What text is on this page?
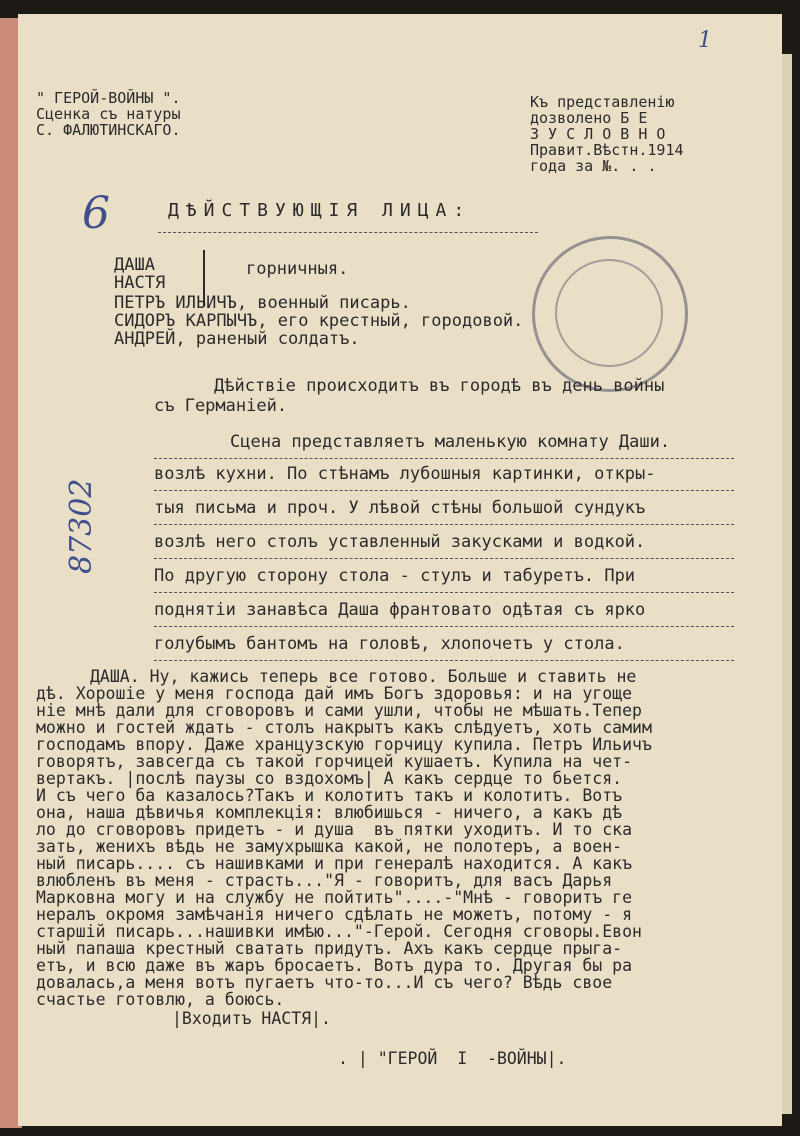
" ГЕРОЙ-ВОЙНЫ ".
Сценка съ натуры
С. ФАЛЮТИНСКАГО.
Къ представленiю
дозволено Б Е
З У С Л О В Н О
Правит.Вѣстн.1914
года за №. . .
1
6
87302
ДѢЙСТВУЮЩIЯ ЛИЦА:
ДАША
НАСТЯ
горничныя.
ПЕТРЪ ИЛЬИЧЪ, военный писарь.
СИДОРЪ КАРПЫЧЪ, его крестный, городовой.
АНДРЕЙ, раненый солдатъ.
Дѣйствiе происходитъ въ городѣ въ день войны
съ Германiей.
Сцена представляетъ маленькую комнату Даши.
возлѣ кухни. По стѣнамъ лубошныя картинки, откры-
тыя письма и проч. У лѣвой стѣны большой сундукъ
возлѣ него столъ уставленный закусками и водкой.
По другую сторону стола - стулъ и табуретъ. При
поднятiи занавѣса Даша франтовато одѣтая съ ярко
голубымъ бантомъ на головѣ, хлопочетъ у стола.
ДАША. Ну, кажись теперь все готово. Больше и ставить не
дѣ. Хорошiе у меня господа дай имъ Богъ здоровья: и на угоще
нiе мнѣ дали для сговоровъ и сами ушли, чтобы не мѣшать.Тепер
можно и гостей ждать - столъ накрытъ какъ слѣдуетъ, хоть самим
господамъ впору. Даже хранцузскую горчицу купила. Петръ Ильичъ
говорятъ, завсегда съ такой горчицей кушаетъ. Купила на чет-
вертакъ. |послѣ паузы со вздохомъ| А какъ сердце то бьется.
И съ чего ба казалось?Такъ и колотитъ такъ и колотитъ. Вотъ
она, наша дѣвичья комплекцiя: влюбишься - ничего, а какъ дѣ
ло до сговоровъ придетъ - и душа  въ пятки уходитъ. И то ска
зать, женихъ вѣдь не замухрышка какой, не полотеръ, а воен-
ный писарь.... съ нашивками и при генералѣ находится. А какъ
влюбленъ въ меня - страсть..."Я - говоритъ, для васъ Дарья
Марковна могу и на службу не пойтить"....-"Мнѣ - говоритъ ге
нералъ окромя замѣчанiя ничего сдѣлать не можетъ, потому - я
старшiй писарь...нашивки имѣю..."-Герой. Сегодня сговоры.Евон
ный папаша крестный сватать придутъ. Ахъ какъ сердце прыга-
етъ, и всю даже въ жаръ бросаетъ. Вотъ дура то. Другая бы ра
довалась,а меня вотъ пугаетъ что-то...И съ чего? Вѣдь свое
счастье готовлю, а боюсь.
|Входитъ НАСТЯ|.
. | "ГЕРОЙ  I  -ВОЙНЫ|.
